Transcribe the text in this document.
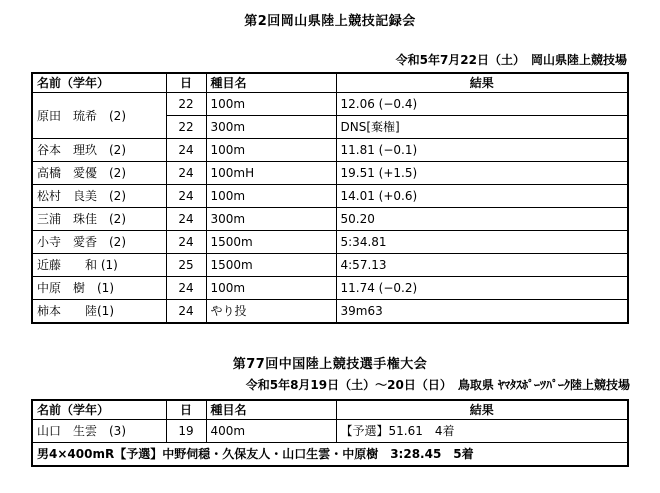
第2回岡山県陸上競技記録会
令和5年7月22日（土）　岡山県陸上競技場
名前（学年）	日	種目名	結果
原田　琉希　(2)	22	100m	12.06 (−0.4)
	22	300m	DNS[棄権]
谷本　理玖　(2)	24	100m	11.81 (−0.1)
高橋　愛優　(2)	24	100mH	19.51 (+1.5)
松村　良美　(2)	24	100m	14.01 (+0.6)
三浦　珠佳　(2)	24	300m	50.20
小寺　愛香　(2)	24	1500m	5:34.81
近藤　　和 (1)	25	1500m	4:57.13
中原　樹　(1)	24	100m	11.74 (−0.2)
柿本　　陸(1)	24	やり投	39m63
第77回中国陸上競技選手権大会
令和5年8月19日（土）〜20日（日）　鳥取県 ﾔﾏﾀｽﾎﾟｰﾂﾊﾟｰｸ陸上競技場
名前（学年）	日	種目名	結果
山口　生雲　(3)	19	400m	【予選】51.61　4着
男4×400mR【予選】中野伺穏・久保友人・山口生雲・中原樹　3:28.45　5着			
